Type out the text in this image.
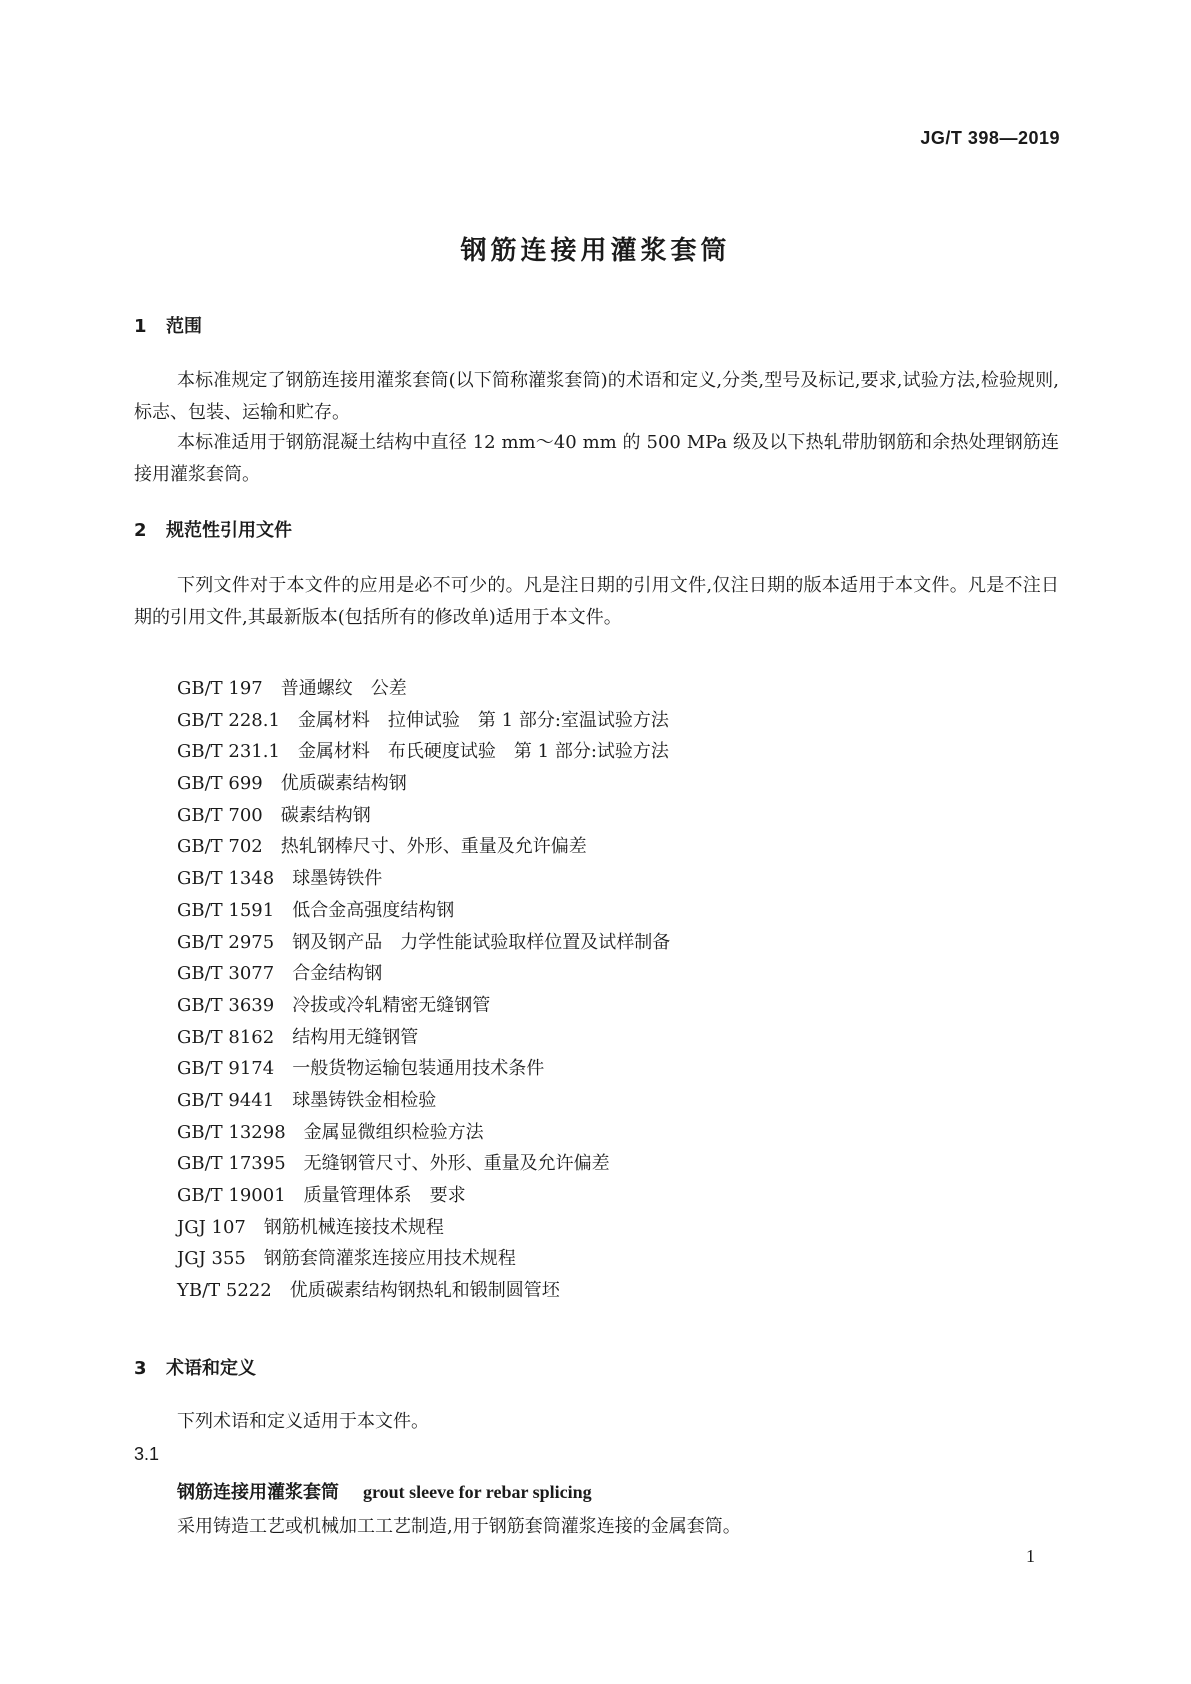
JG/T 398—2019
钢筋连接用灌浆套筒
1 范围
本标准规定了钢筋连接用灌浆套筒(以下简称灌浆套筒)的术语和定义,分类,型号及标记,要求,试验方法,检验规则,标志、包装、运输和贮存。
本标准适用于钢筋混凝土结构中直径 12 mm～40 mm 的 500 MPa 级及以下热轧带肋钢筋和余热处理钢筋连接用灌浆套筒。
2 规范性引用文件
下列文件对于本文件的应用是必不可少的。凡是注日期的引用文件,仅注日期的版本适用于本文件。凡是不注日期的引用文件,其最新版本(包括所有的修改单)适用于本文件。
GB/T 197 普通螺纹　公差
GB/T 228.1 金属材料　拉伸试验　第 1 部分:室温试验方法
GB/T 231.1 金属材料　布氏硬度试验　第 1 部分:试验方法
GB/T 699 优质碳素结构钢
GB/T 700 碳素结构钢
GB/T 702 热轧钢棒尺寸、外形、重量及允许偏差
GB/T 1348 球墨铸铁件
GB/T 1591 低合金高强度结构钢
GB/T 2975 钢及钢产品　力学性能试验取样位置及试样制备
GB/T 3077 合金结构钢
GB/T 3639 冷拔或冷轧精密无缝钢管
GB/T 8162 结构用无缝钢管
GB/T 9174 一般货物运输包装通用技术条件
GB/T 9441 球墨铸铁金相检验
GB/T 13298 金属显微组织检验方法
GB/T 17395 无缝钢管尺寸、外形、重量及允许偏差
GB/T 19001 质量管理体系　要求
JGJ 107 钢筋机械连接技术规程
JGJ 355 钢筋套筒灌浆连接应用技术规程
YB/T 5222 优质碳素结构钢热轧和锻制圆管坯
3 术语和定义
下列术语和定义适用于本文件。
3.1
钢筋连接用灌浆套筒 grout sleeve for rebar splicing
采用铸造工艺或机械加工工艺制造,用于钢筋套筒灌浆连接的金属套筒。
1
